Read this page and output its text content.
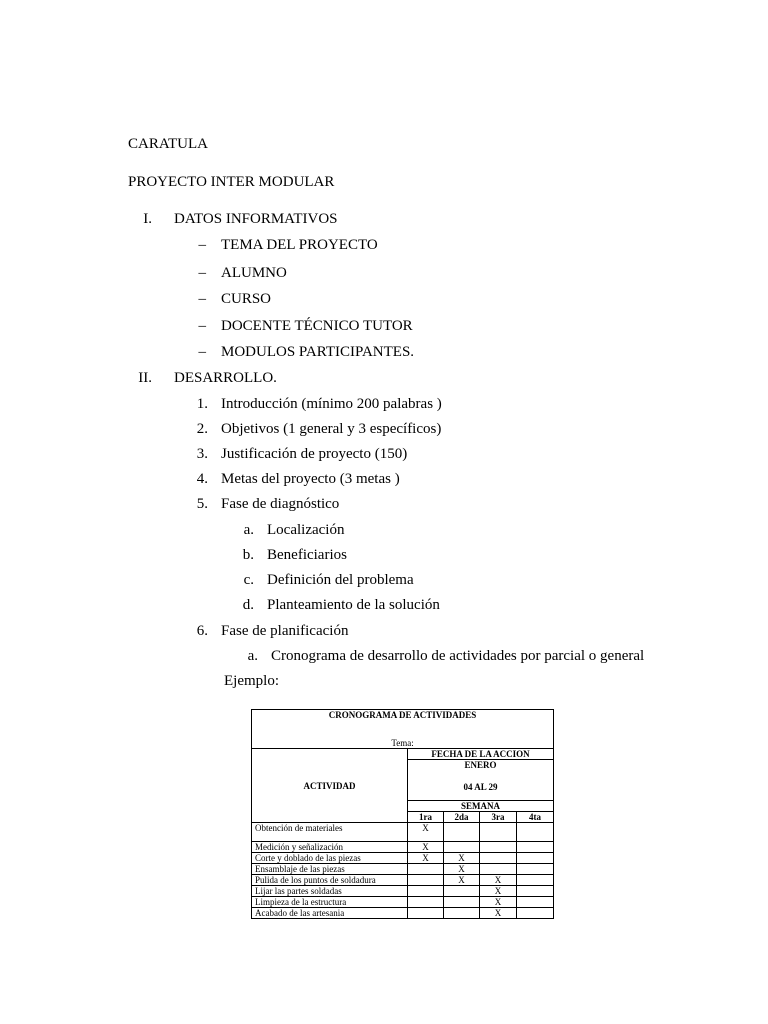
CARATULA
PROYECTO INTER MODULAR
I. DATOS INFORMATIVOS
– TEMA DEL PROYECTO
– ALUMNO
– CURSO
– DOCENTE TÉCNICO TUTOR
– MODULOS PARTICIPANTES.
II. DESARROLLO.
1. Introducción (mínimo 200 palabras )
2. Objetivos (1 general y 3 específicos)
3. Justificación de proyecto (150)
4. Metas del proyecto (3 metas )
5. Fase de diagnóstico
a. Localización
b. Beneficiarios
c. Definición del problema
d. Planteamiento de la solución
6. Fase de planificación
a. Cronograma de desarrollo de actividades por parcial o general
Ejemplo:
CRONOGRAMA DE ACTIVIDADES
Tema:				

ACTIVIDAD	FECHA DE LA ACCION			

	ENERO
04 AL 29			

	SEMANA			
	1ra	2da	3ra	4ta
Obtención de materiales	X			
Medición y señalización	X			
Corte y doblado de las piezas	X	X		
Ensamblaje de las piezas		X		
Pulida de los puntos de soldadura		X	X	
Lijar las partes soldadas			X	
Limpieza de la estructura			X	
Acabado de las artesania			X	
